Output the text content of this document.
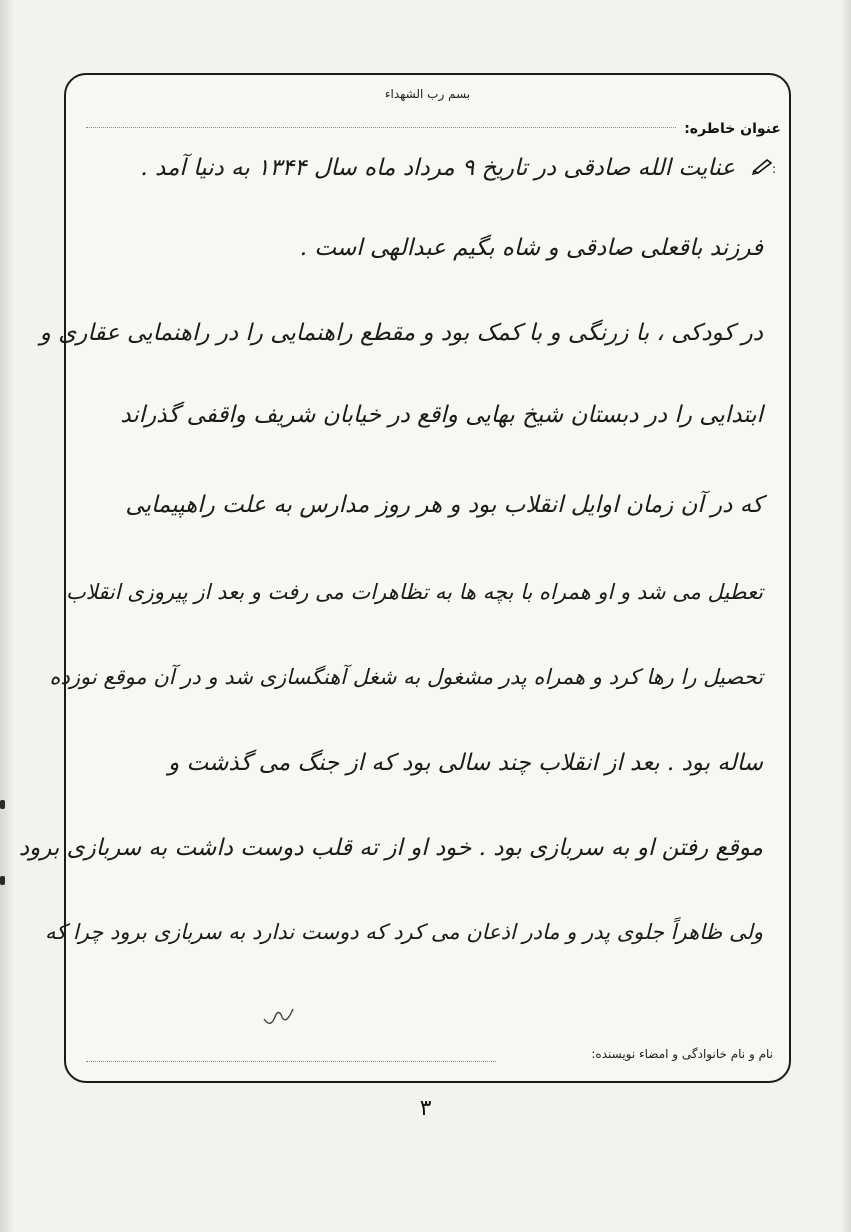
بسم رب الشهداء
عنوان خاطره:
:
عنایت الله صادقی در تاریخ ۹ مرداد ماه سال ۱۳۴۴ به دنیا آمد .
فرزند باقعلی صادقی و شاه بگیم عبدالهی است .
در کودکی ، با زرنگی و با کمک بود و مقطع راهنمایی را در راهنمایی عقاری و
ابتدایی را در دبستان شیخ بهایی واقع در خیابان شریف واقفی گذراند
که در آن زمان اوایل انقلاب بود و هر روز مدارس به علت راهپیمایی
تعطیل می شد و او همراه با بچه ها به تظاهرات می رفت و بعد از پیروزی انقلاب
تحصیل را رها کرد و همراه پدر مشغول به شغل آهنگسازی شد و در آن موقع نوزده
ساله بود . بعد از انقلاب چند سالی بود که از جنگ می گذشت و
موقع رفتن او به سربازی بود . خود او از ته قلب دوست داشت به سربازی برود
ولی ظاهراً جلوی پدر و مادر اذعان می کرد که دوست ندارد به سربازی برود چرا که
نام و نام خانوادگی و امضاء نویسنده:
۳
